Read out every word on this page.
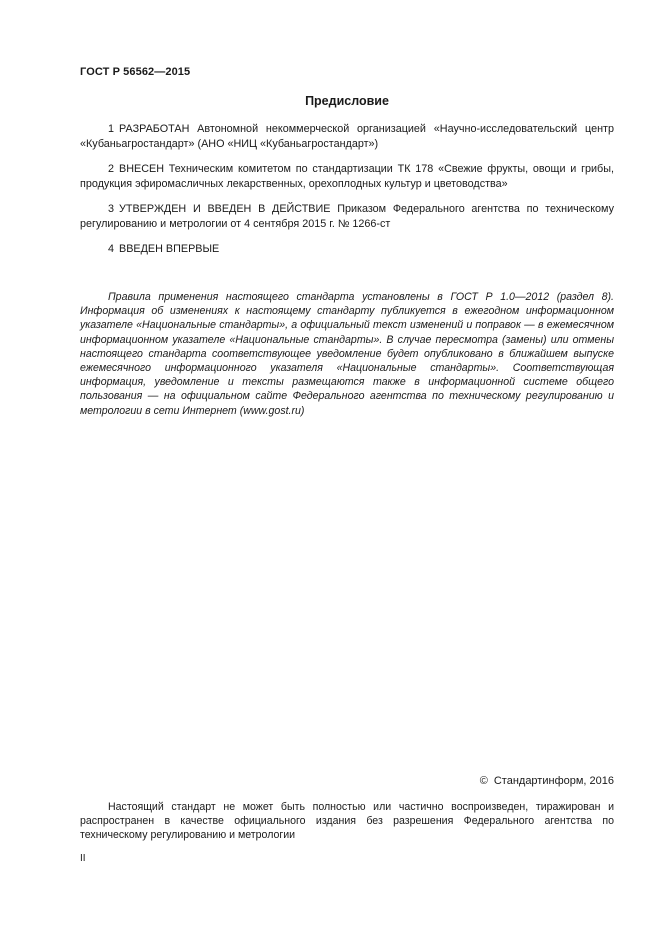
ГОСТ Р 56562—2015
Предисловие

1 РАЗРАБОТАН Автономной некоммерческой организацией «Научно-исследовательский центр «Кубаньагростандарт» (АНО «НИЦ «Кубаньагростандарт»)

2 ВНЕСЕН Техническим комитетом по стандартизации ТК 178 «Свежие фрукты, овощи и грибы, продукция эфиромасличных лекарственных, орехоплодных культур и цветоводства»

3 УТВЕРЖДЕН И ВВЕДЕН В ДЕЙСТВИЕ Приказом Федерального агентства по техническому регулированию и метрологии от 4 сентября 2015 г. № 1266-ст

4 ВВЕДЕН ВПЕРВЫЕ

Правила применения настоящего стандарта установлены в ГОСТ Р 1.0—2012 (раздел 8). Информация об изменениях к настоящему стандарту публикуется в ежегодном информационном указателе «Национальные стандарты», а официальный текст изменений и поправок — в ежемесячном информационном указателе «Национальные стандарты». В случае пересмотра (замены) или отмены настоящего стандарта соответствующее уведомление будет опубликовано в ближайшем выпуске ежемесячного информационного указателя «Национальные стандарты». Соответствующая информация, уведомление и тексты размещаются также в информационной системе общего пользования — на официальном сайте Федерального агентства по техническому регулированию и метрологии в сети Интернет (www.gost.ru)

© Стандартинформ, 2016

Настоящий стандарт не может быть полностью или частично воспроизведен, тиражирован и распространен в качестве официального издания без разрешения Федерального агентства по техническому регулированию и метрологии

II
